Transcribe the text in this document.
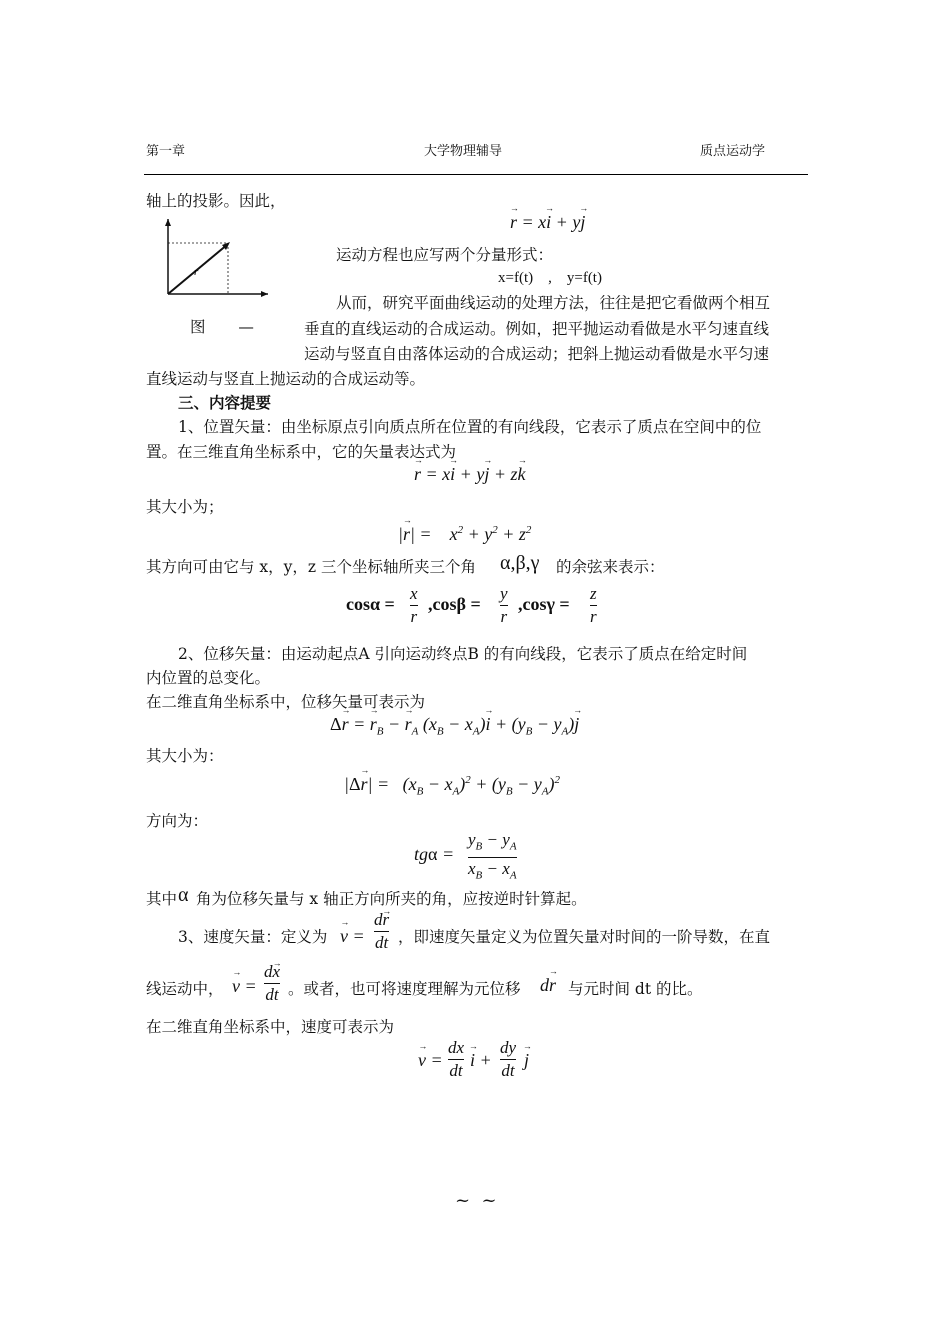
第一章	大学物理辅导	质点运动学
轴上的投影。因此，
r → = xi → + yj →
r
图 —
运动方程也应写两个分量形式：
x=f(t)    ,    y=f(t)
从而，研究平面曲线运动的处理方法，往往是把它看做两个相互
垂直的直线运动的合成运动。例如，把平抛运动看做是水平匀速直线
运动与竖直自由落体运动的合成运动；把斜上抛运动看做是水平匀速
直线运动与竖直上抛运动的合成运动等。
三、内容提要
1、位置矢量：由坐标原点引向质点所在位置的有向线段，它表示了质点在空间中的位
置。在三维直角坐标系中，它的矢量表达式为
r → = xi → + yj → + zk →
其大小为；
|r →| =    $x^2 + y^2 + z^2$
其方向可由它与 x，y，z 三个坐标轴所夹三个角 α,β,γ 的余弦来表示：
cosα =
x
r
,cosβ =
y
r
,cosγ =
z
r
2、位移矢量：由运动起点A 引向运动终点B 的有向线段，它表示了质点在给定时间
内位置的总变化。
在二维直角坐标系中，位移矢量可表示为
Δr → = $r \to_B - r \to_A$ $(x_B - x_A)i$ → + $(y_B - y_A)j$ →
其大小为：
|Δr →| =   $(x_B - x_A)^2 + (y_B - y_A)^2$
方向为：
tgα =
$y_B - y_A$
$x_B - x_A$
其中 α 角为位移矢量与 x 轴正方向所夹的角，应按逆时针算起。
3、速度矢量：定义为 v → =
dr →
dt ，即速度矢量定义为位置矢量对时间的一阶导数，在直
线运动中， v → =
dx →
dt 。或者，也可将速度理解为元位移 dr → 与元时间 dt 的比。
在二维直角坐标系中，速度可表示为
v → =
dx
dt
i → +
dy
dt
j →
~  ~
